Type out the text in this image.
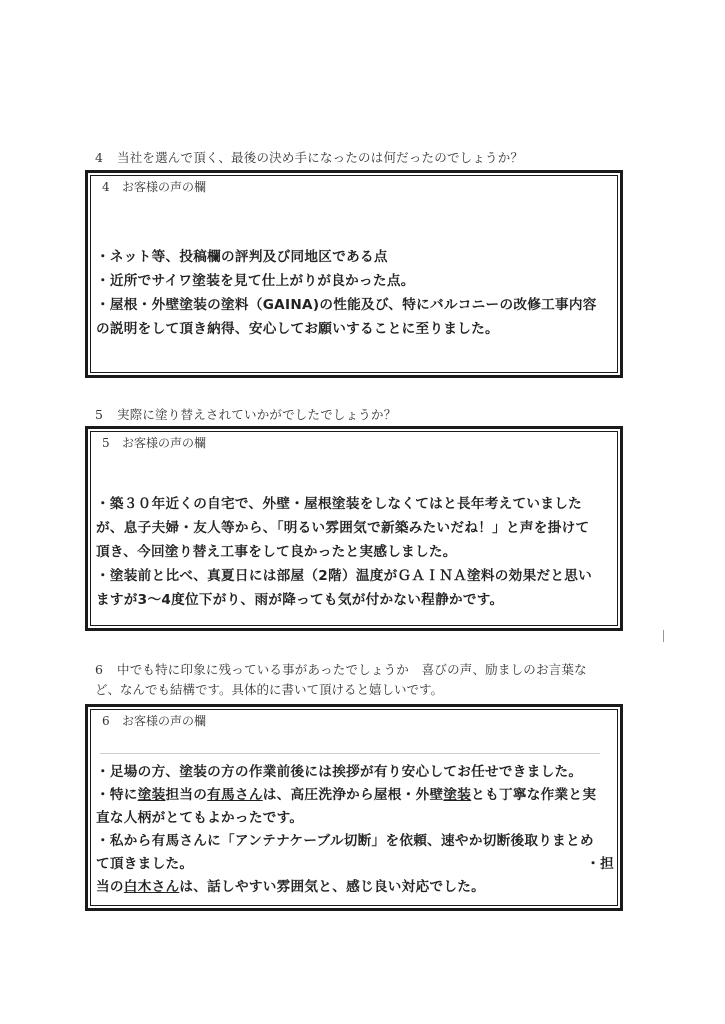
4 当社を選んで頂く、最後の決め手になったのは何だったのでしょうか？
4 お客様の声の欄
・ネット等、投稿欄の評判及び同地区である点
・近所でサイワ塗装を見て仕上がりが良かった点。
・屋根・外壁塗装の塗料（GAINA)の性能及び、特にバルコニーの改修工事内容
の説明をして頂き納得、安心してお願いすることに至りました。
5 実際に塗り替えされていかがでしたでしょうか？
5 お客様の声の欄
・築３０年近くの自宅で、外壁・屋根塗装をしなくてはと長年考えていました
が、息子夫婦・友人等から、「明るい雰囲気で新築みたいだね！」と声を掛けて
頂き、今回塗り替え工事をして良かったと実感しました。
・塗装前と比べ、真夏日には部屋（2階）温度がＧＡＩＮＡ塗料の効果だと思い
ますが3～4度位下がり、雨が降っても気が付かない程静かです。
6 中でも特に印象に残っている事があったでしょうか　喜びの声、励ましのお言葉な
ど、なんでも結構です。具体的に書いて頂けると嬉しいです。
6 お客様の声の欄
・足場の方、塗装の方の作業前後には挨拶が有り安心してお任せできました。
・特に塗装担当の有馬さんは、高圧洗浄から屋根・外壁塗装とも丁寧な作業と実
直な人柄がとてもよかったです。
・私から有馬さんに「アンテナケーブル切断」を依頼、速やか切断後取りまとめ
て頂きました。	・担
当の白木さんは、話しやすい雰囲気と、感じ良い対応でした。
